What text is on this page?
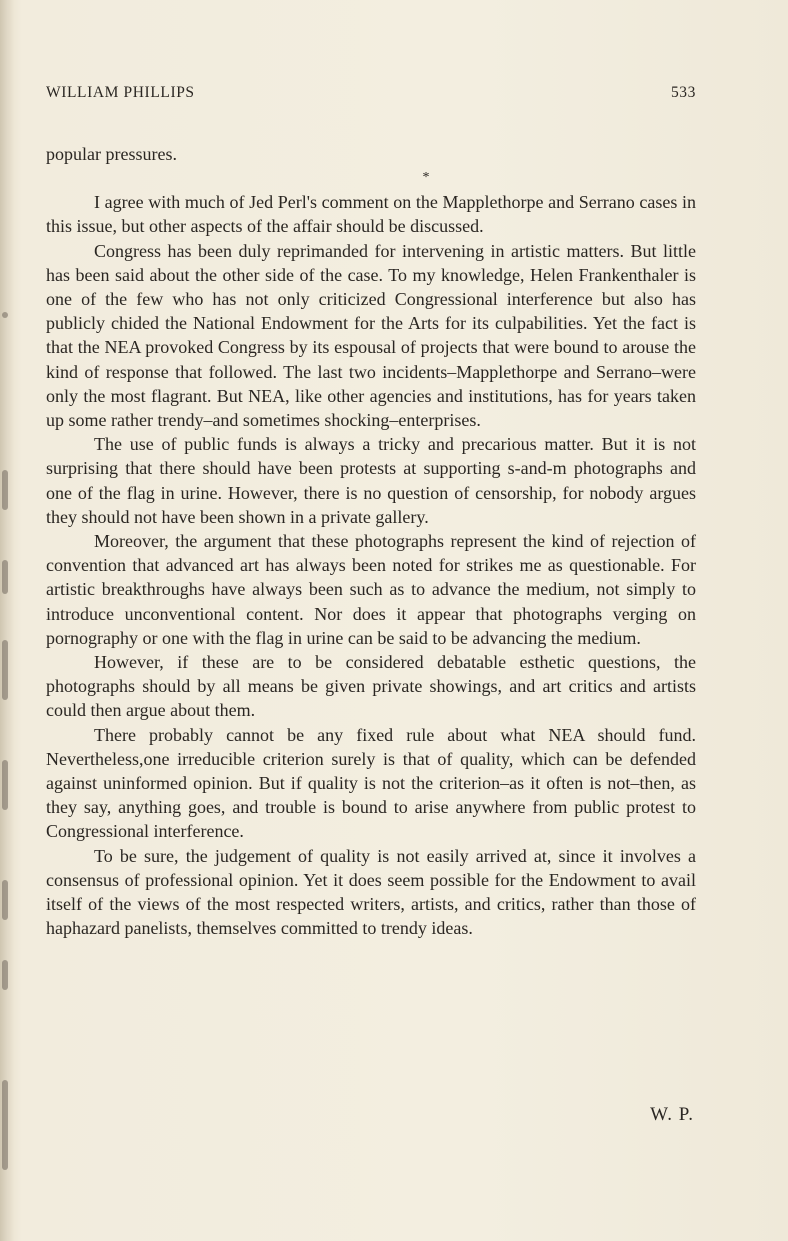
WILLIAM PHILLIPS	533

popular pressures.

*

I agree with much of Jed Perl's comment on the Mapplethorpe and Serrano cases in this issue, but other aspects of the affair should be discussed.

Congress has been duly reprimanded for intervening in artistic matters. But little has been said about the other side of the case. To my knowledge, Helen Frankenthaler is one of the few who has not only criticized Congressional interference but also has publicly chided the National Endowment for the Arts for its culpabilities. Yet the fact is that the NEA provoked Congress by its espousal of projects that were bound to arouse the kind of response that followed. The last two incidents–Mapplethorpe and Serrano–were only the most flagrant. But NEA, like other agencies and institutions, has for years taken up some rather trendy–and sometimes shocking–enterprises.

The use of public funds is always a tricky and precarious matter. But it is not surprising that there should have been protests at supporting s-and-m photographs and one of the flag in urine. However, there is no question of censorship, for nobody argues they should not have been shown in a private gallery.

Moreover, the argument that these photographs represent the kind of rejection of convention that advanced art has always been noted for strikes me as questionable. For artistic breakthroughs have always been such as to advance the medium, not simply to introduce unconventional content. Nor does it appear that photographs verging on pornography or one with the flag in urine can be said to be advancing the medium.

However, if these are to be considered debatable esthetic questions, the photographs should by all means be given private showings, and art critics and artists could then argue about them.

There probably cannot be any fixed rule about what NEA should fund. Nevertheless,one irreducible criterion surely is that of quality, which can be defended against uninformed opinion. But if quality is not the criterion–as it often is not–then, as they say, anything goes, and trouble is bound to arise anywhere from public protest to Congressional interference.

To be sure, the judgement of quality is not easily arrived at, since it involves a consensus of professional opinion. Yet it does seem possible for the Endowment to avail itself of the views of the most respected writers, artists, and critics, rather than those of haphazard panelists, themselves committed to trendy ideas.

W. P.
